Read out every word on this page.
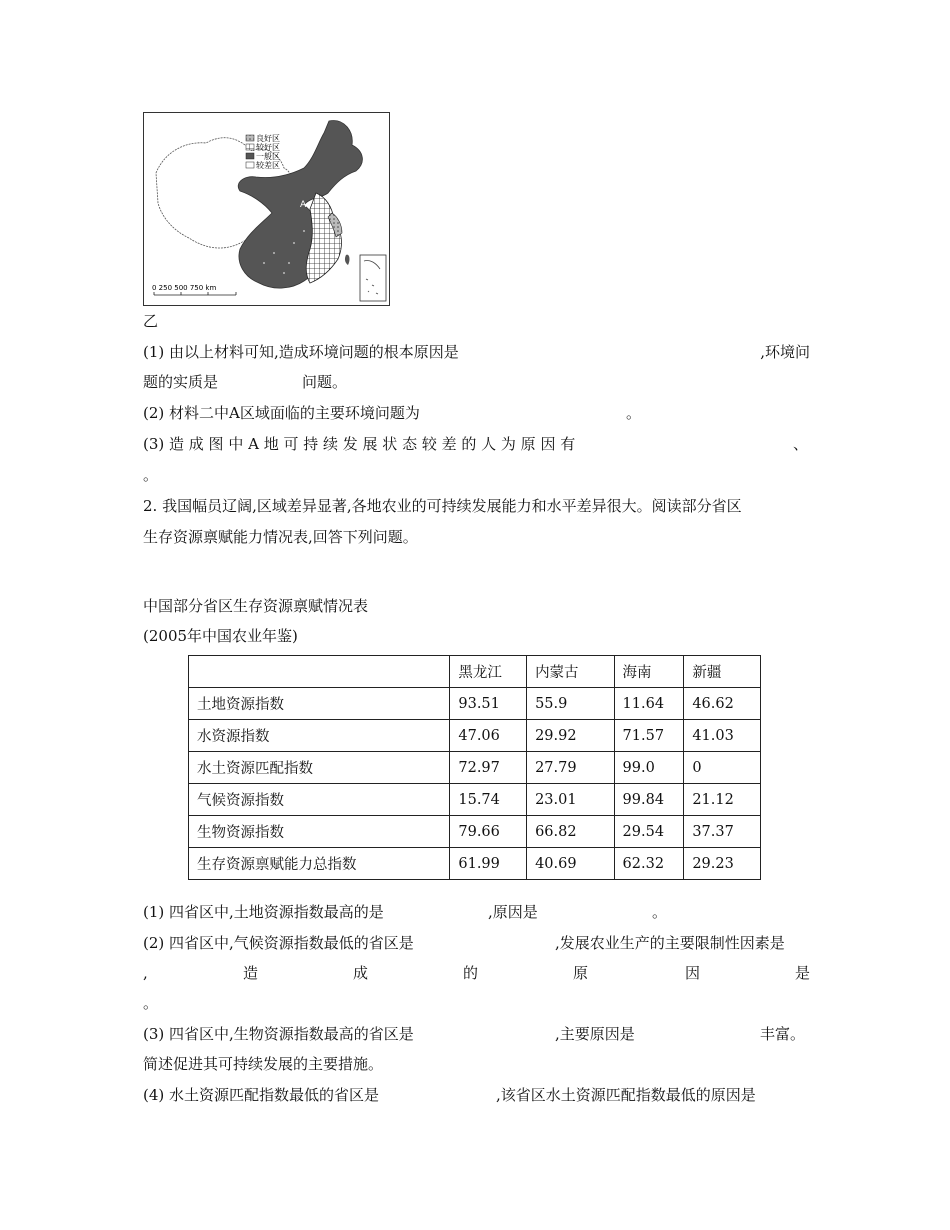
良好区
较好区
一般区
较差区
A
0 250 500 750 km
乙
(1) 由以上材料可知,造成环境问题的根本原因是	,环境问
题的实质是	问题。
(2) 材料二中A区域面临的主要环境问题为	。
(3) 造 成 图 中 A 地 可 持 续 发 展 状 态 较 差 的 人 为 原 因 有	、
。
2. 我国幅员辽阔,区域差异显著,各地农业的可持续发展能力和水平差异很大。阅读部分省区
生存资源禀赋能力情况表,回答下列问题。
中国部分省区生存资源禀赋情况表
(2005年中国农业年鉴)
	黑龙江	内蒙古	海南	新疆
土地资源指数	93.51	55.9	11.64	46.62
水资源指数	47.06	29.92	71.57	41.03
水土资源匹配指数	72.97	27.79	99.0	0
气候资源指数	15.74	23.01	99.84	21.12
生物资源指数	79.66	66.82	29.54	37.37
生存资源禀赋能力总指数	61.99	40.69	62.32	29.23
(1) 四省区中,土地资源指数最高的是	,原因是	。
(2) 四省区中,气候资源指数最低的省区是	,发展农业生产的主要限制性因素是
,	造	成	的	原	因	是
。
(3) 四省区中,生物资源指数最高的省区是	,主要原因是	丰富。
简述促进其可持续发展的主要措施。
(4) 水土资源匹配指数最低的省区是	,该省区水土资源匹配指数最低的原因是
